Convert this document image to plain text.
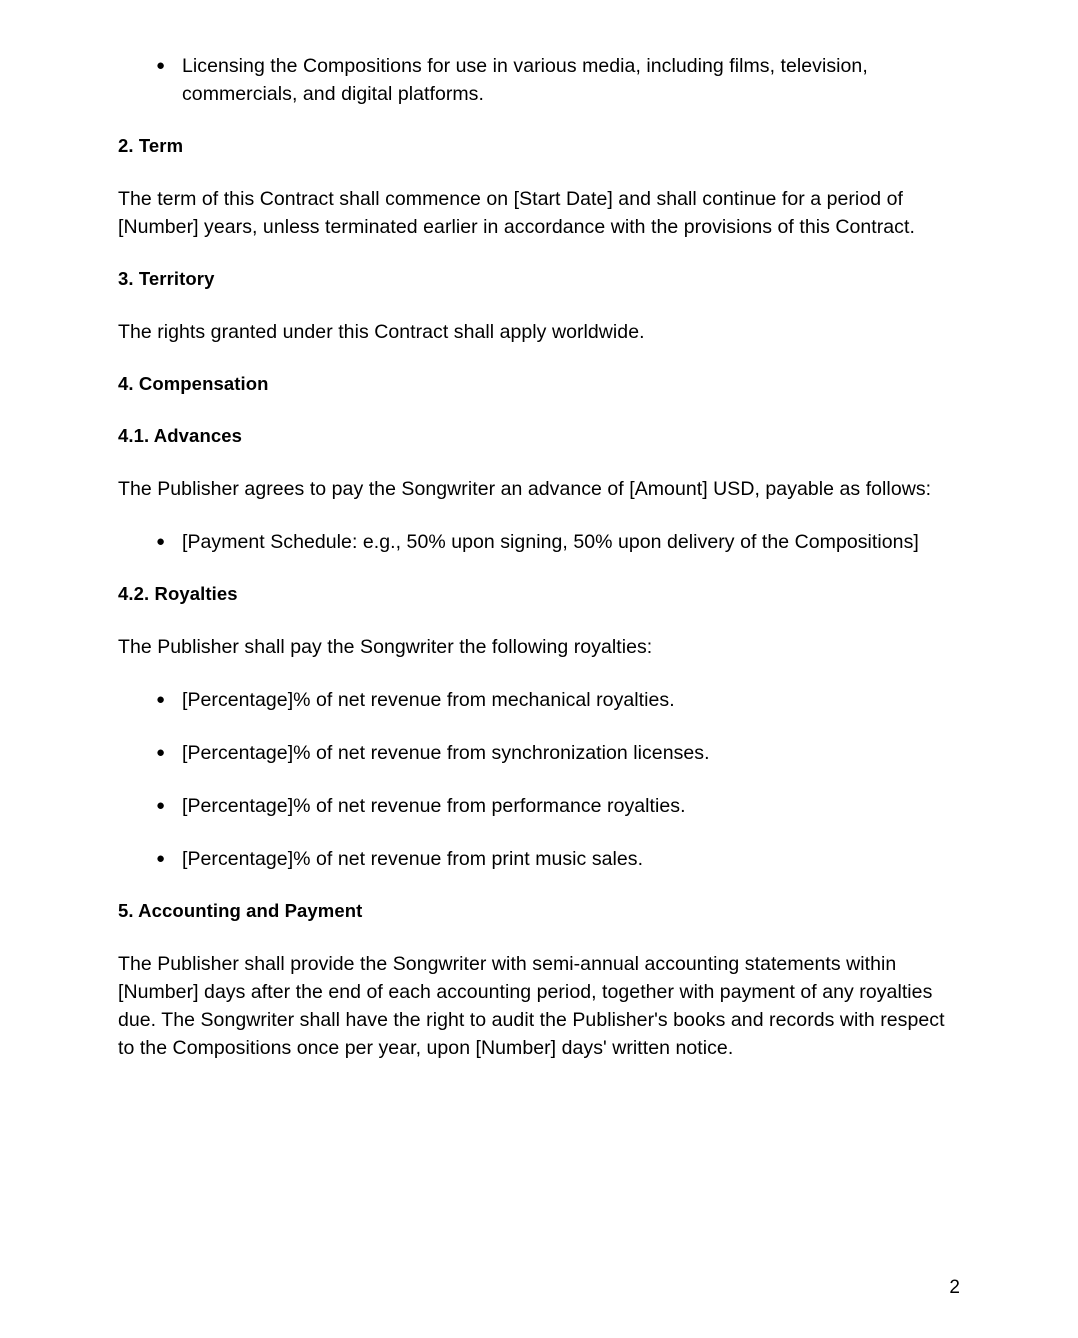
● Licensing the Compositions for use in various media, including films, television, commercials, and digital platforms.
2. Term

The term of this Contract shall commence on [Start Date] and shall continue for a period of [Number] years, unless terminated earlier in accordance with the provisions of this Contract.

3. Territory

The rights granted under this Contract shall apply worldwide.

4. Compensation
4.1. Advances

The Publisher agrees to pay the Songwriter an advance of [Amount] USD, payable as follows:

● [Payment Schedule: e.g., 50% upon signing, 50% upon delivery of the Compositions]
4.2. Royalties

The Publisher shall pay the Songwriter the following royalties:

● [Percentage]% of net revenue from mechanical royalties.
● [Percentage]% of net revenue from synchronization licenses.
● [Percentage]% of net revenue from performance royalties.
● [Percentage]% of net revenue from print music sales.
5. Accounting and Payment

The Publisher shall provide the Songwriter with semi-annual accounting statements within [Number] days after the end of each accounting period, together with payment of any royalties due. The Songwriter shall have the right to audit the Publisher's books and records with respect to the Compositions once per year, upon [Number] days' written notice.

2
